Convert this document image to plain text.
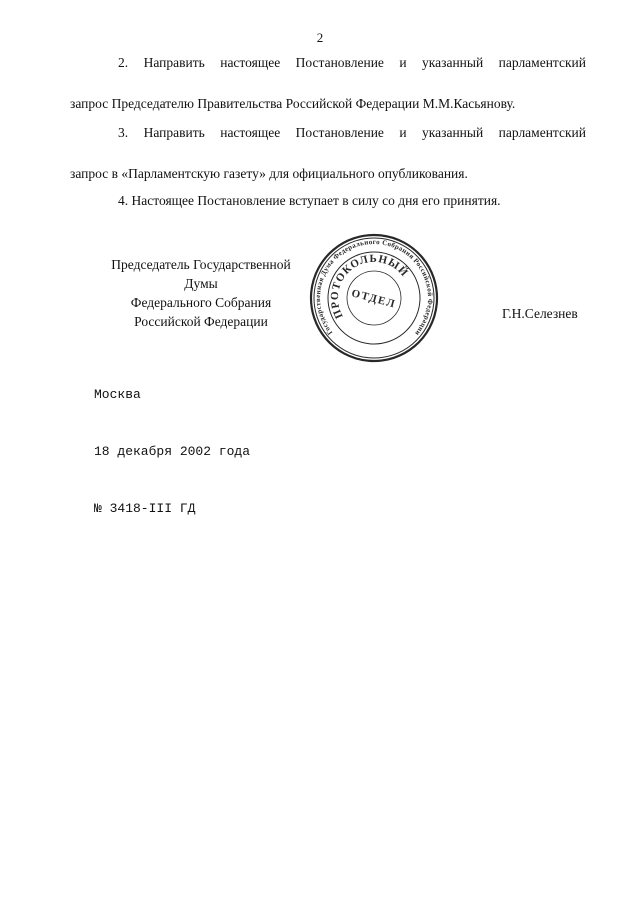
2
2. Направить настоящее Постановление и указанный парламентский
запрос Председателю Правительства Российской Федерации М.М.Касьянову.
3. Направить настоящее Постановление и указанный парламентский
запрос в «Парламентскую газету» для официального опубликования.
4. Настоящее Постановление вступает в силу со дня его принятия.
Председатель Государственной Думы
Федерального Собрания
Российской Федерации
Государственная Дума Федерального Собрания Российской Федерации
ПРОТОКОЛЬНЫЙ
ОТДЕЛ
Г.Н.Селезнев

Москва

18 декабря 2002 года

№ 3418-III ГД
